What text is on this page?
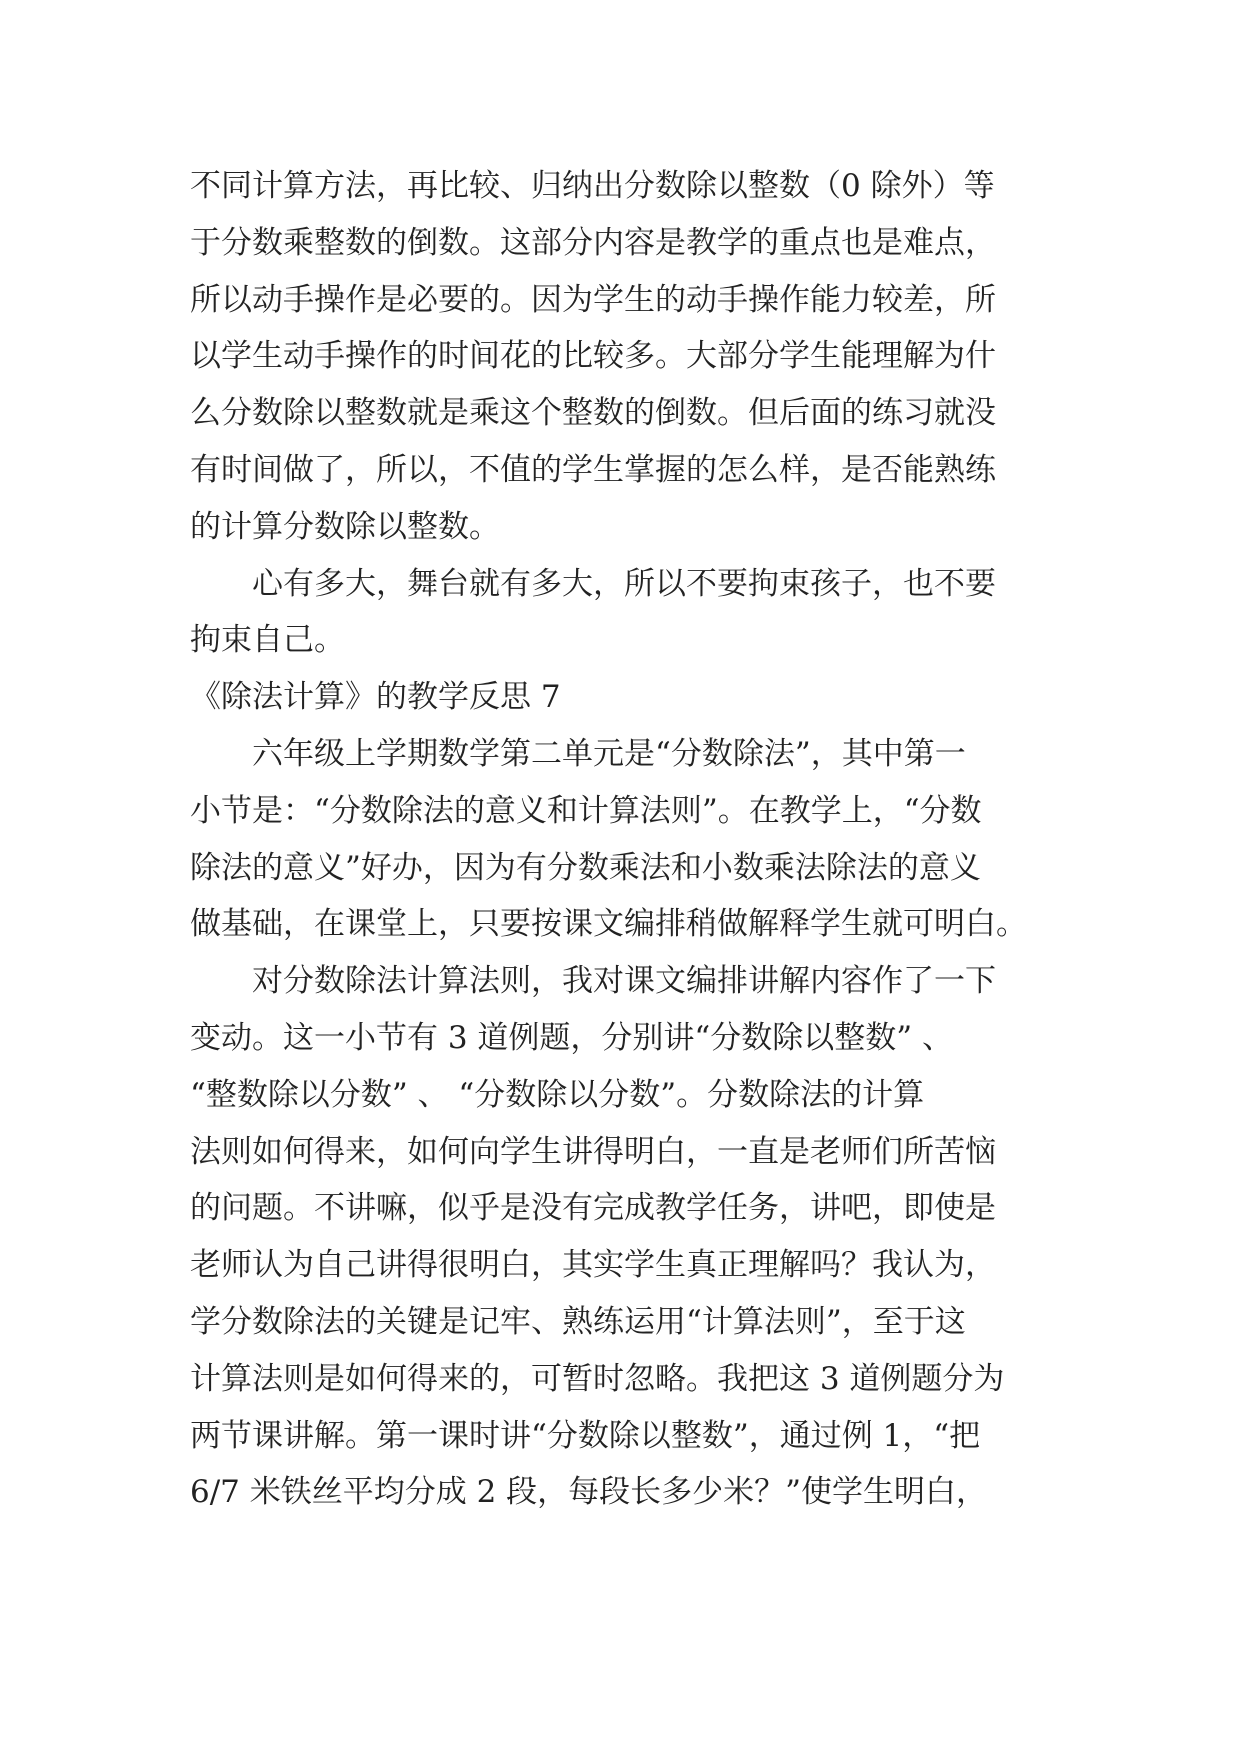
不同计算方法，再比较、归纳出分数除以整数（0 除外）等
于分数乘整数的倒数。这部分内容是教学的重点也是难点，
所以动手操作是必要的。因为学生的动手操作能力较差，所
以学生动手操作的时间花的比较多。大部分学生能理解为什
么分数除以整数就是乘这个整数的倒数。但后面的练习就没
有时间做了，所以，不值的学生掌握的怎么样，是否能熟练
的计算分数除以整数。
心有多大，舞台就有多大，所以不要拘束孩子，也不要
拘束自己。
《除法计算》的教学反思 7
六年级上学期数学第二单元是“分数除法”，其中第一
小节是：“分数除法的意义和计算法则”。在教学上，“分数
除法的意义”好办，因为有分数乘法和小数乘法除法的意义
做基础，在课堂上，只要按课文编排稍做解释学生就可明白。
对分数除法计算法则，我对课文编排讲解内容作了一下
变动。这一小节有 3 道例题，分别讲“分数除以整数” 、
“整数除以分数” 、 “分数除以分数”。分数除法的计算
法则如何得来，如何向学生讲得明白，一直是老师们所苦恼
的问题。不讲嘛，似乎是没有完成教学任务，讲吧，即使是
老师认为自己讲得很明白，其实学生真正理解吗？我认为，
学分数除法的关键是记牢、熟练运用“计算法则”，至于这
计算法则是如何得来的，可暂时忽略。我把这 3 道例题分为
两节课讲解。第一课时讲“分数除以整数”，通过例 1，“把
6/7 米铁丝平均分成 2 段，每段长多少米？”使学生明白，
